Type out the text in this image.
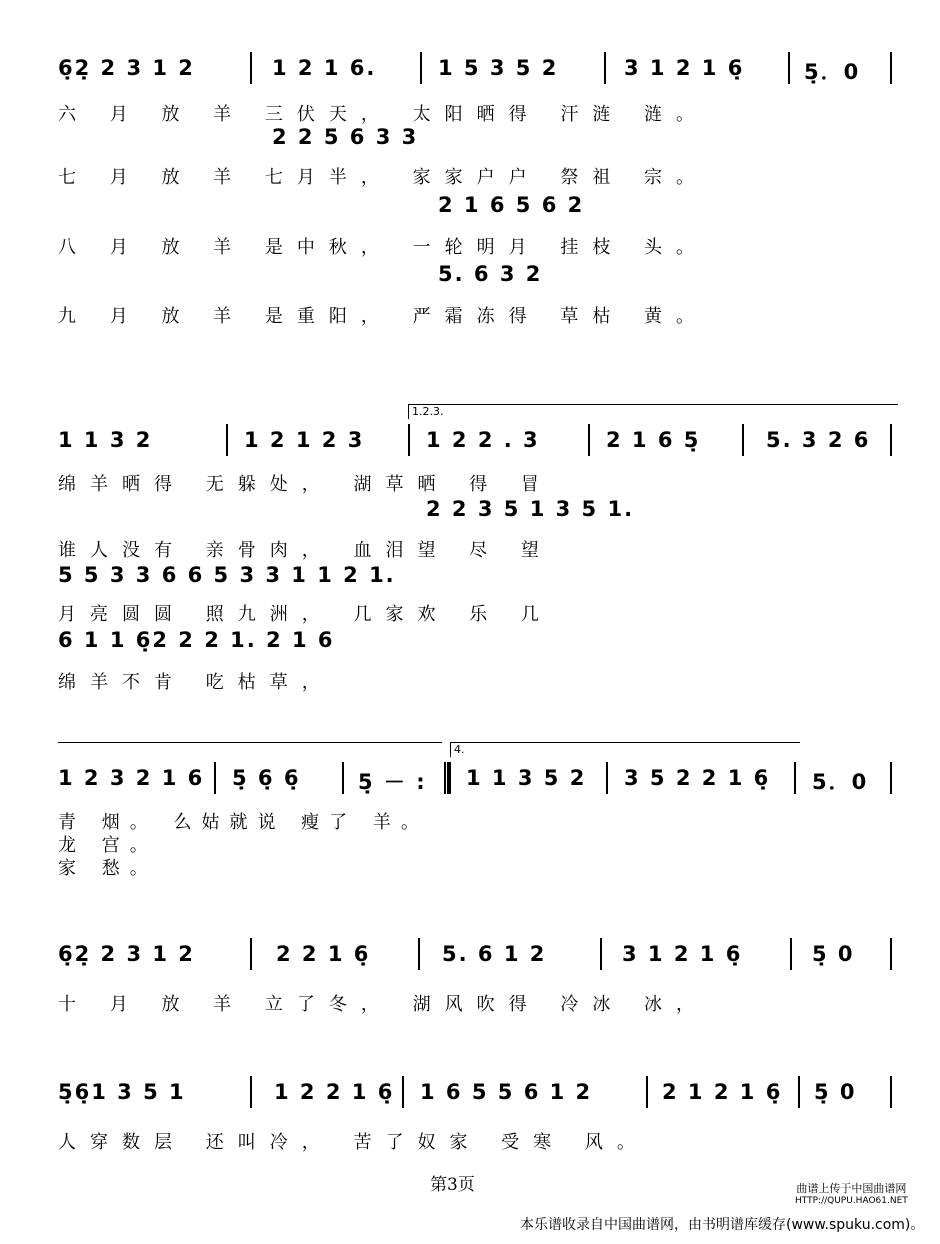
6̣2̣ 2 3 1 2	1 2 1 6.	1 5 3 5 2	3 1 2 1 6̣	5̣．0
六 月 放 羊 三伏天， 太阳晒得 汗涟 涟。
2 2 5 6 3 3
七 月 放 羊 七月半， 家家户户 祭祖 宗。
2 1 6 5 6 2
八 月 放 羊 是中秋， 一轮明月 挂枝 头。
5. 6 3 2
九 月 放 羊 是重阳， 严霜冻得 草枯 黄。
1.2.3.
1 1 3 2	1 2 1 2 3	1 2 2 . 3	2 1 6 5̣	5. 3 2 6
绵羊晒得 无躲处， 湖草晒 得 冒
2 2 3 5 1 3 5 1.
谁人没有 亲骨肉， 血泪望 尽 望
5 5 3 3 6 6 5 3 3 1 1 2 1.
月亮圆圆 照九洲， 几家欢 乐 几
6 1 1 6̣2 2 2 1. 2 1 6
绵羊不肯 吃枯草，
4.
1 2 3 2 1 6 5̣ 6̣ 6̣	5̣ － : 1 1 3 5 2 3 5 2 2 1 6̣ 5．0
青 烟。 么姑就说 瘦了 羊。
龙 宫。
家 愁。
6̣2̣ 2 3 1 2	2 2 1 6̣	5. 6 1 2	3 1 2 1 6̣	5̣ 0
十 月 放 羊 立了冬， 湖风吹得 冷冰 冰，
5̣6̣1 3 5 1	1 2 2 1 6̣ 1 6 5 5 6 1 2	2 1 2 1 6̣ 5̣ 0
人穿数层 还叫冷， 苦了奴家 受寒 风。
第3页	曲谱上传于中国曲谱网
HTTP://QUPU.HAO61.NET
本乐谱收录自中国曲谱网，由书明谱库缓存(www.spuku.com)。
